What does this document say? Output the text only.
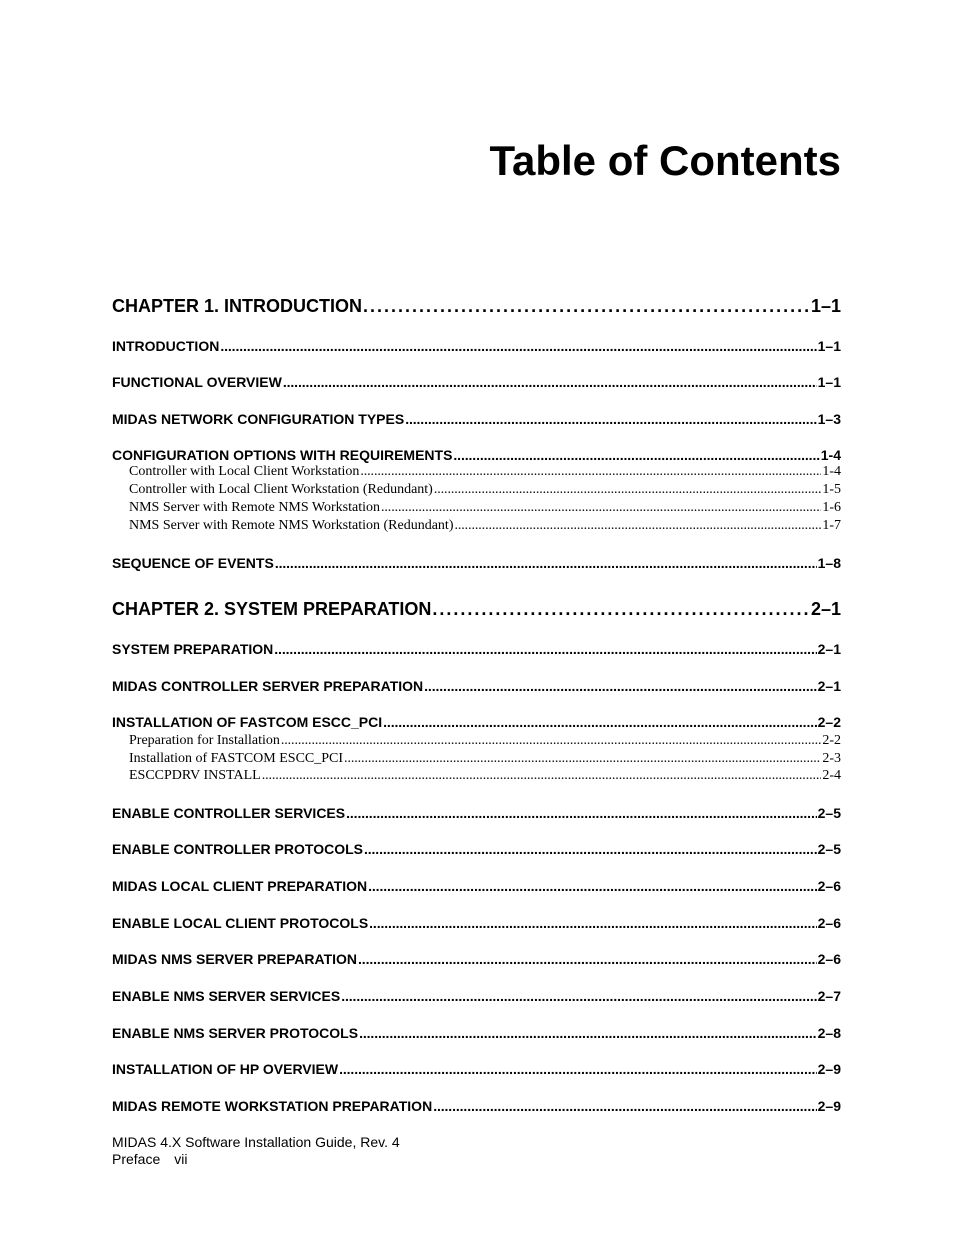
Table of Contents
CHAPTER 1. INTRODUCTION . . .	1–1
INTRODUCTION . . .	1–1
FUNCTIONAL OVERVIEW . . .	1–1
MIDAS NETWORK CONFIGURATION TYPES . . .	1–3
CONFIGURATION OPTIONS WITH REQUIREMENTS . . .	1-4
Controller with Local Client Workstation . . .	1-4
Controller with Local Client Workstation (Redundant) . . .	1-5
NMS Server with Remote NMS Workstation . . .	1-6
NMS Server with Remote NMS Workstation (Redundant) . . .	1-7
SEQUENCE OF EVENTS . . .	1–8
CHAPTER 2. SYSTEM PREPARATION . . .	2–1
SYSTEM PREPARATION . . .	2–1
MIDAS CONTROLLER SERVER PREPARATION . . .	2–1
INSTALLATION OF FASTCOM ESCC_PCI . . .	2–2
Preparation for Installation . . .	2-2
Installation of FASTCOM ESCC_PCI . . .	2-3
ESCCPDRV INSTALL . . .	2-4
ENABLE CONTROLLER SERVICES . . .	2–5
ENABLE CONTROLLER PROTOCOLS . . .	2–5
MIDAS LOCAL CLIENT PREPARATION . . .	2–6
ENABLE LOCAL CLIENT PROTOCOLS . . .	2–6
MIDAS NMS SERVER PREPARATION . . .	2–6
ENABLE NMS SERVER SERVICES . . .	2–7
ENABLE NMS SERVER PROTOCOLS . . .	2–8
INSTALLATION OF HP OVERVIEW . . .	2–9
MIDAS REMOTE WORKSTATION PREPARATION . . .	2–9
MIDAS 4.X Software Installation Guide, Rev. 4
Preface vii
